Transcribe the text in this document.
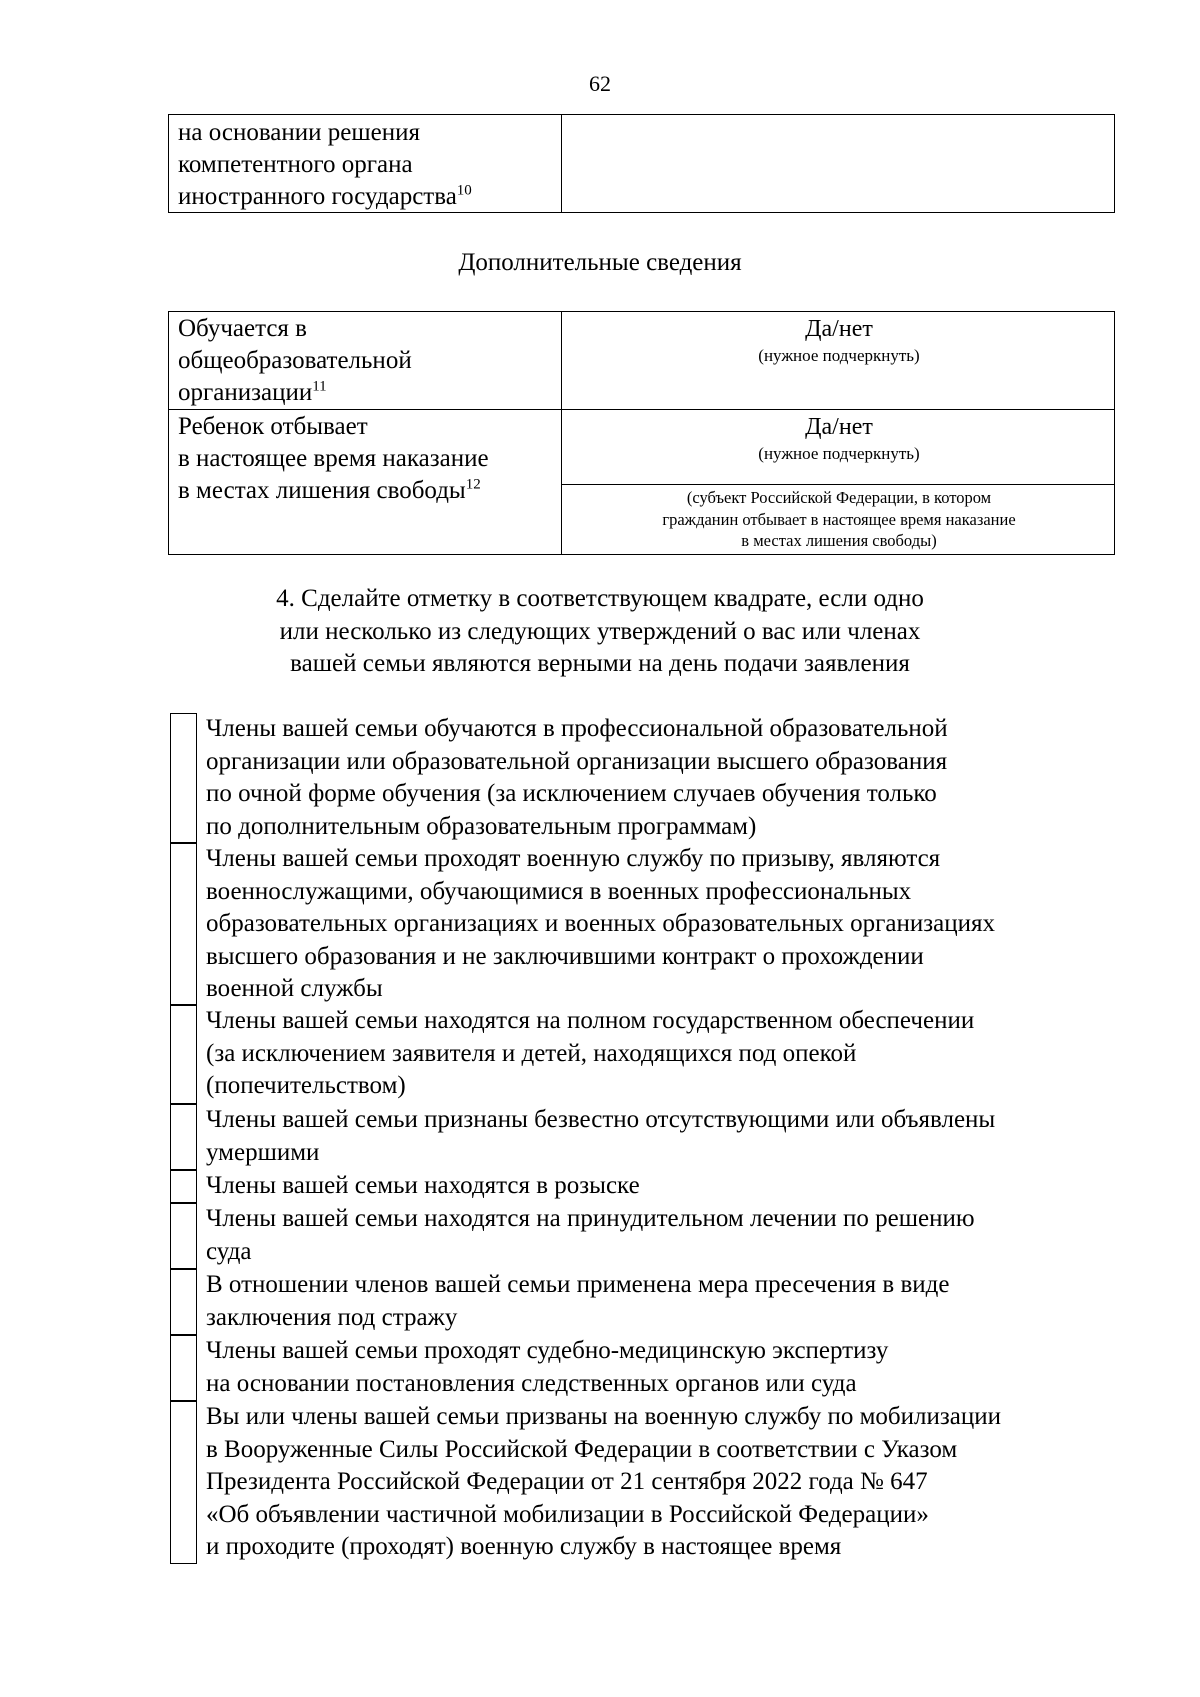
62
на основании решения
компетентного органа
иностранного государства$^{10}$
Дополнительные сведения
Обучается в
общеобразовательной
организации$^{11}$
Да/нет
(нужное подчеркнуть)
Ребенок отбывает
в настоящее время наказание
в местах лишения свободы$^{12}$
Да/нет
(нужное подчеркнуть)
(субъект Российской Федерации, в котором
гражданин отбывает в настоящее время наказание
в местах лишения свободы)
4. Сделайте отметку в соответствующем квадрате, если одно
или несколько из следующих утверждений о вас или членах
вашей семьи являются верными на день подачи заявления
Члены вашей семьи обучаются в профессиональной образовательной
организации или образовательной организации высшего образования
по очной форме обучения (за исключением случаев обучения только
по дополнительным образовательным программам)
Члены вашей семьи проходят военную службу по призыву, являются
военнослужащими, обучающимися в военных профессиональных
образовательных организациях и военных образовательных организациях
высшего образования и не заключившими контракт о прохождении
военной службы
Члены вашей семьи находятся на полном государственном обеспечении
(за исключением заявителя и детей, находящихся под опекой
(попечительством)
Члены вашей семьи признаны безвестно отсутствующими или объявлены
умершими
Члены вашей семьи находятся в розыске
Члены вашей семьи находятся на принудительном лечении по решению
суда
В отношении членов вашей семьи применена мера пресечения в виде
заключения под стражу
Члены вашей семьи проходят судебно-медицинскую экспертизу
на основании постановления следственных органов или суда
Вы или члены вашей семьи призваны на военную службу по мобилизации
в Вооруженные Силы Российской Федерации в соответствии с Указом
Президента Российской Федерации от 21 сентября 2022 года № 647
«Об объявлении частичной мобилизации в Российской Федерации»
и проходите (проходят) военную службу в настоящее время
